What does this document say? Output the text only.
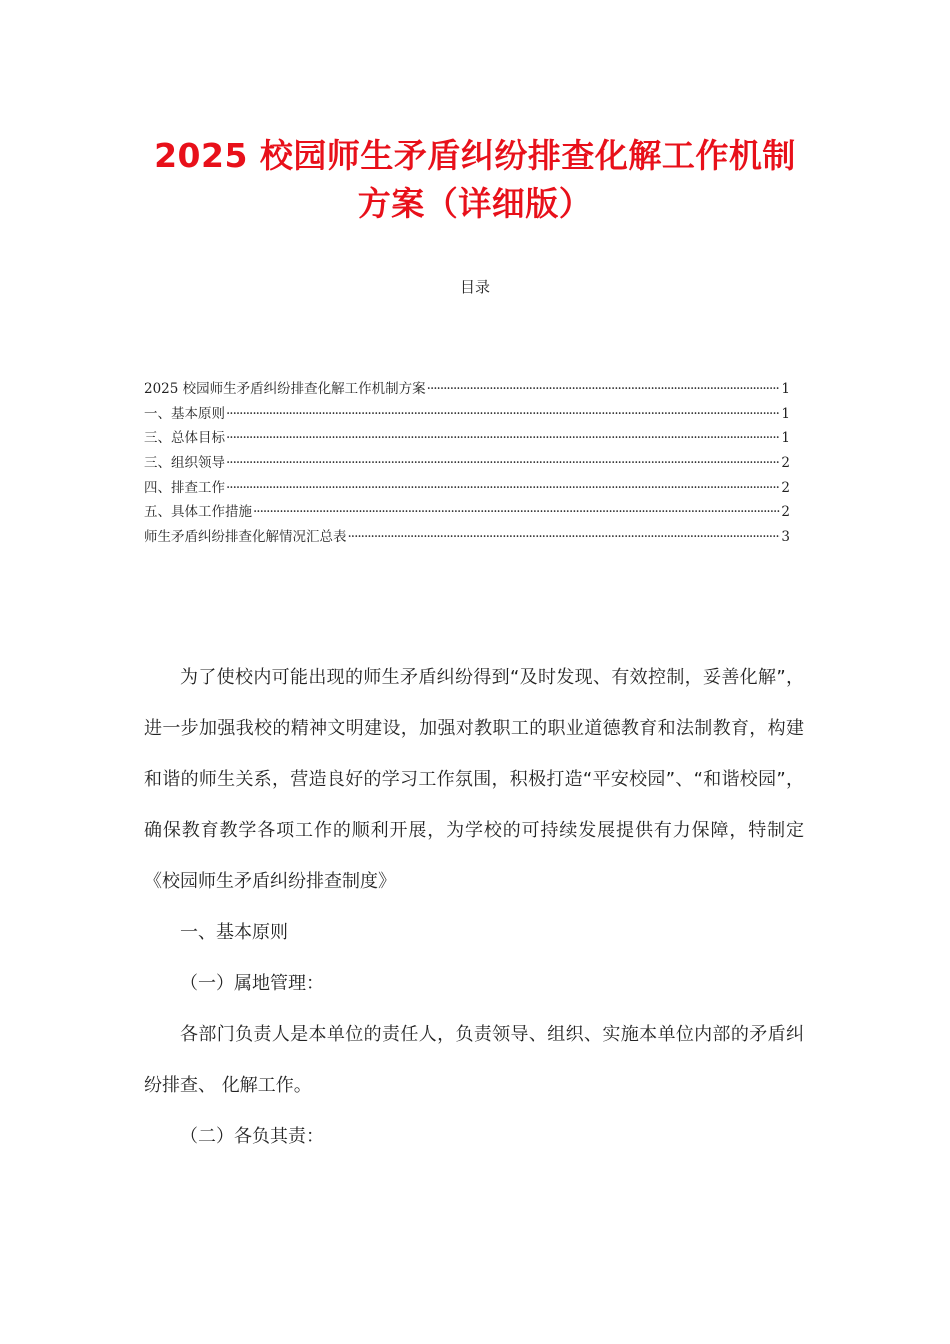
2025 校园师生矛盾纠纷排查化解工作机制
方案（详细版）
目录
2025 校园师生矛盾纠纷排查化解工作机制方案 ·····	1
一、基本原则 ·····	1
三、总体目标 ·····	1
三、组织领导 ·····	2
四、排查工作 ·····	2
五、具体工作措施 ·····	2
师生矛盾纠纷排查化解情况汇总表 ·····	3

为了使校内可能出现的师生矛盾纠纷得到“及时发现、有效控制，妥善化解”，进一步加强我校的精神文明建设，加强对教职工的职业道德教育和法制教育，构建和谐的师生关系，营造良好的学习工作氛围，积极打造“平安校园”、“和谐校园”，确保教育教学各项工作的顺利开展，为学校的可持续发展提供有力保障，特制定《校园师生矛盾纠纷排查制度》

一、基本原则

（一）属地管理：

各部门负责人是本单位的责任人，负责领导、组织、实施本单位内部的矛盾纠纷排查、 化解工作。

（二）各负其责：
